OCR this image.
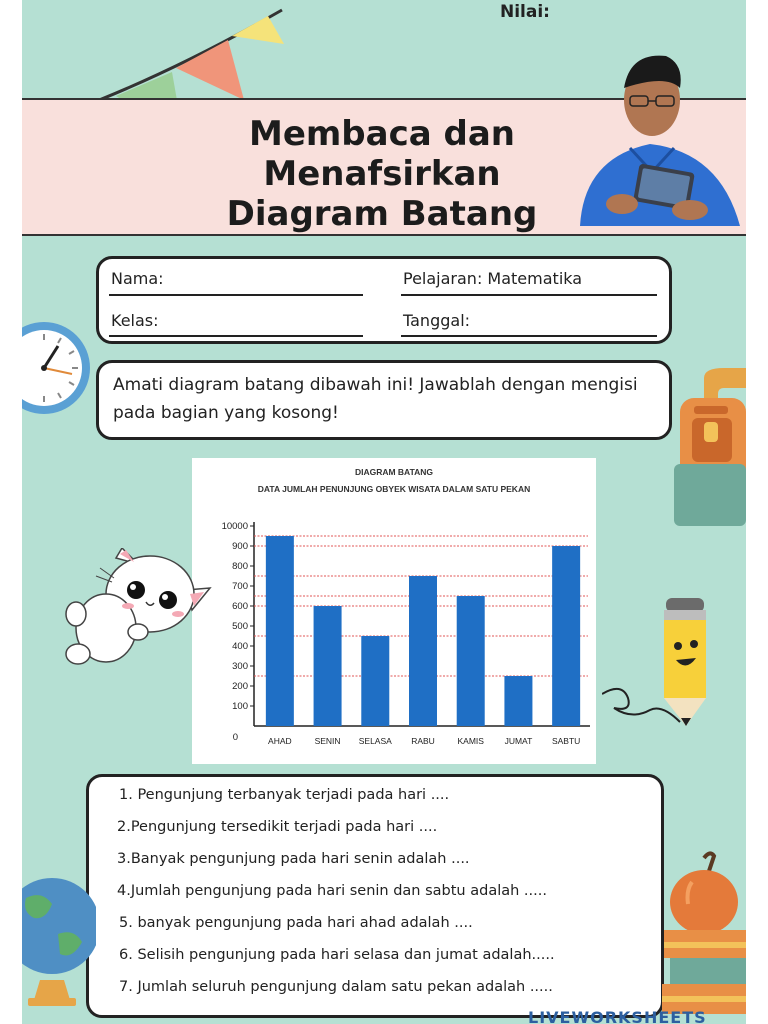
Nilai:
Membaca dan
Menafsirkan
Diagram Batang
Nama:	Pelajaran: Matematika
Kelas:	Tanggal:
Amati diagram batang dibawah ini! Jawablah dengan mengisi pada bagian yang kosong!
DIAGRAM BATANG
DATA JUMLAH PENUNJUNG OBYEK WISATA DALAM SATU PEKAN
0
100
200
300
400
500
600
700
800
900
10000
AHAD	SENIN SELASA RABU	KAMIS JUMAT SABTU
1. Pengunjung terbanyak terjadi pada hari ....
2.Pengunjung tersedikit terjadi pada hari ....
3.Banyak pengunjung pada hari senin adalah ....
4.Jumlah pengunjung pada hari senin dan sabtu adalah .....
5. banyak pengunjung pada hari ahad adalah ....
6. Selisih pengunjung pada hari selasa dan jumat adalah.....
7. Jumlah seluruh pengunjung dalam satu pekan adalah .....
LIVEWORKSHEETS
